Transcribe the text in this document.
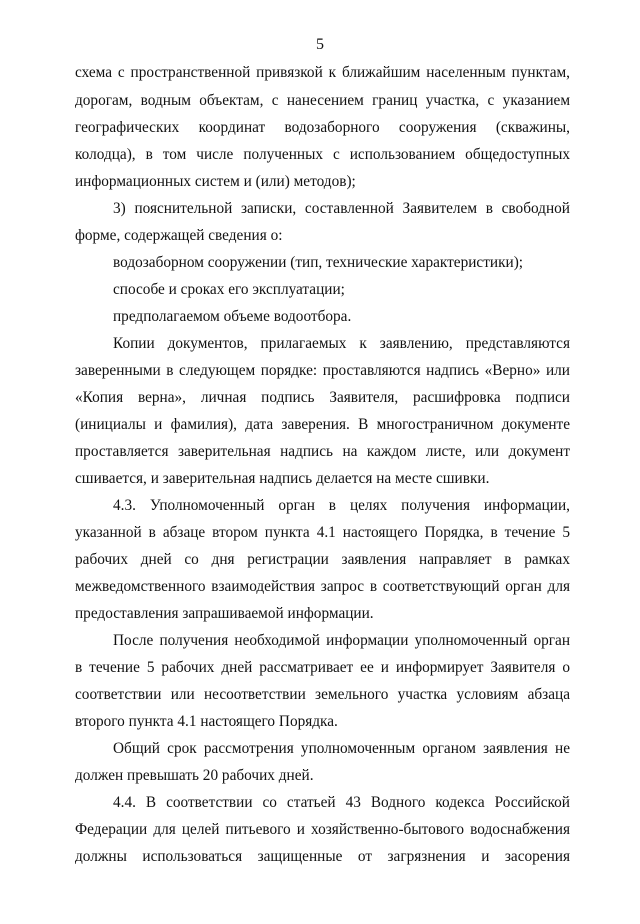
5
схема с пространственной привязкой к ближайшим населенным пунктам,
дорогам, водным объектам, с нанесением границ участка, с указанием
географических координат водозаборного сооружения (скважины,
колодца), в том числе полученных с использованием общедоступных
информационных систем и (или) методов);
3) пояснительной записки, составленной Заявителем в свободной
форме, содержащей сведения о:
водозаборном сооружении (тип, технические характеристики);
способе и сроках его эксплуатации;
предполагаемом объеме водоотбора.
Копии документов, прилагаемых к заявлению, представляются
заверенными в следующем порядке: проставляются надпись «Верно» или
«Копия верна», личная подпись Заявителя, расшифровка подписи
(инициалы и фамилия), дата заверения. В многостраничном документе
проставляется заверительная надпись на каждом листе, или документ
сшивается, и заверительная надпись делается на месте сшивки.
4.3. Уполномоченный орган в целях получения информации,
указанной в абзаце втором пункта 4.1 настоящего Порядка, в течение 5
рабочих дней со дня регистрации заявления направляет в рамках
межведомственного взаимодействия запрос в соответствующий орган для
предоставления запрашиваемой информации.
После получения необходимой информации уполномоченный орган
в течение 5 рабочих дней рассматривает ее и информирует Заявителя о
соответствии или несоответствии земельного участка условиям абзаца
второго пункта 4.1 настоящего Порядка.
Общий срок рассмотрения уполномоченным органом заявления не
должен превышать 20 рабочих дней.
4.4. В соответствии со статьей 43 Водного кодекса Российской
Федерации для целей питьевого и хозяйственно-бытового водоснабжения
должны использоваться защищенные от загрязнения и засорения
